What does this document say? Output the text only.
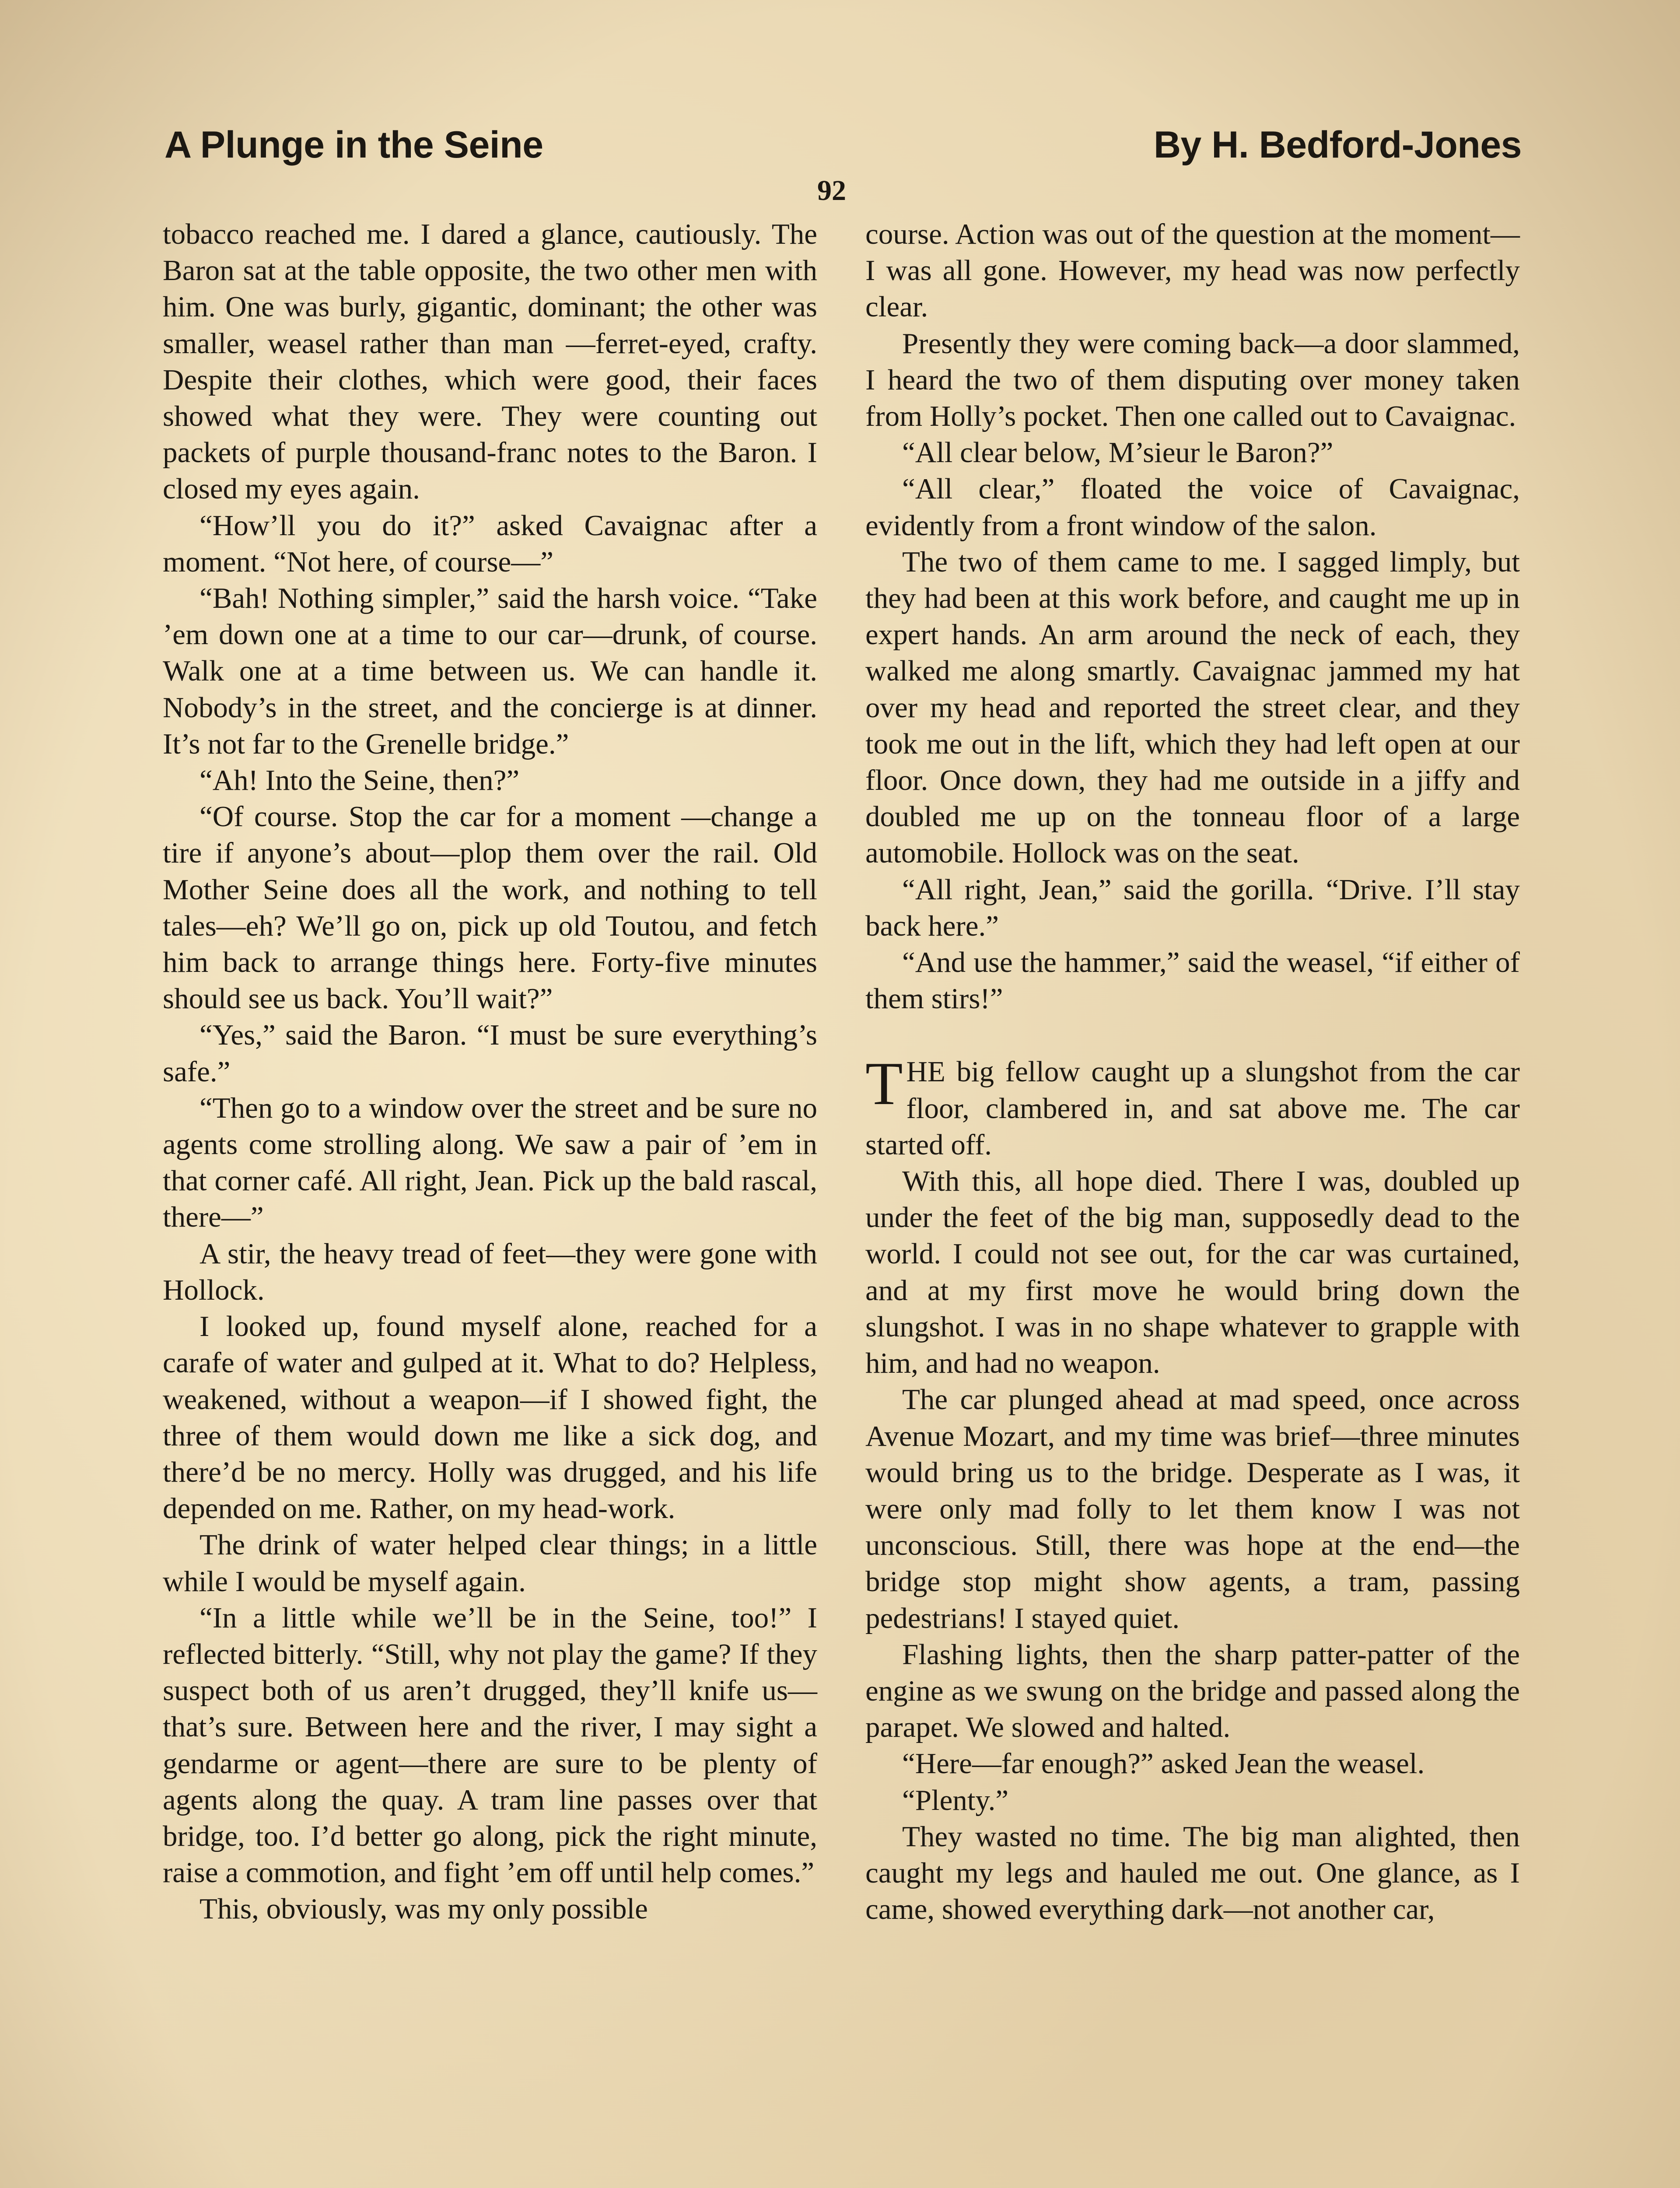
A Plunge in the Seine	By H. Bedford-Jones
92

tobacco reached me. I dared a glance, cautiously. The Baron sat at the table opposite, the two other men with him. One was burly, gigantic, dominant; the other was smaller, weasel rather than man —ferret-eyed, crafty. Despite their clothes, which were good, their faces showed what they were. They were counting out packets of purple thousand-franc notes to the Baron. I closed my eyes again.

“How’ll you do it?” asked Cavaignac after a moment. “Not here, of course—”

“Bah! Nothing simpler,” said the harsh voice. “Take ’em down one at a time to our car—drunk, of course. Walk one at a time between us. We can handle it. Nobody’s in the street, and the concierge is at dinner. It’s not far to the Grenelle bridge.”

“Ah! Into the Seine, then?”

“Of course. Stop the car for a moment —change a tire if anyone’s about—plop them over the rail. Old Mother Seine does all the work, and nothing to tell tales—eh? We’ll go on, pick up old Toutou, and fetch him back to arrange things here. Forty-five minutes should see us back. You’ll wait?”

“Yes,” said the Baron. “I must be sure everything’s safe.”

“Then go to a window over the street and be sure no agents come strolling along. We saw a pair of ’em in that corner café. All right, Jean. Pick up the bald rascal, there—”

A stir, the heavy tread of feet—they were gone with Hollock.

I looked up, found myself alone, reached for a carafe of water and gulped at it. What to do? Helpless, weakened, without a weapon—if I showed fight, the three of them would down me like a sick dog, and there’d be no mercy. Holly was drugged, and his life depended on me. Rather, on my head-work.

The drink of water helped clear things; in a little while I would be myself again.

“In a little while we’ll be in the Seine, too!” I reflected bitterly. “Still, why not play the game? If they suspect both of us aren’t drugged, they’ll knife us—that’s sure. Between here and the river, I may sight a gendarme or agent—there are sure to be plenty of agents along the quay. A tram line passes over that bridge, too. I’d better go along, pick the right minute, raise a commotion, and fight ’em off until help comes.”

This, obviously, was my only possible

course. Action was out of the question at the moment—I was all gone. However, my head was now perfectly clear.

Presently they were coming back—a door slammed, I heard the two of them disputing over money taken from Holly’s pocket. Then one called out to Cavaignac.

“All clear below, M’sieur le Baron?”

“All clear,” floated the voice of Cavaignac, evidently from a front window of the salon.

The two of them came to me. I sagged limply, but they had been at this work before, and caught me up in expert hands. An arm around the neck of each, they walked me along smartly. Cavaignac jammed my hat over my head and reported the street clear, and they took me out in the lift, which they had left open at our floor. Once down, they had me outside in a jiffy and doubled me up on the tonneau floor of a large automobile. Hollock was on the seat.

“All right, Jean,” said the gorilla. “Drive. I’ll stay back here.”

“And use the hammer,” said the weasel, “if either of them stirs!”

THE big fellow caught up a slungshot from the car floor, clambered in, and sat above me. The car started off.

With this, all hope died. There I was, doubled up under the feet of the big man, supposedly dead to the world. I could not see out, for the car was curtained, and at my first move he would bring down the slungshot. I was in no shape whatever to grapple with him, and had no weapon.

The car plunged ahead at mad speed, once across Avenue Mozart, and my time was brief—three minutes would bring us to the bridge. Desperate as I was, it were only mad folly to let them know I was not unconscious. Still, there was hope at the end—the bridge stop might show agents, a tram, passing pedestrians! I stayed quiet.

Flashing lights, then the sharp patter-patter of the engine as we swung on the bridge and passed along the parapet. We slowed and halted.

“Here—far enough?” asked Jean the weasel.

“Plenty.”

They wasted no time. The big man alighted, then caught my legs and hauled me out. One glance, as I came, showed everything dark—not another car,
